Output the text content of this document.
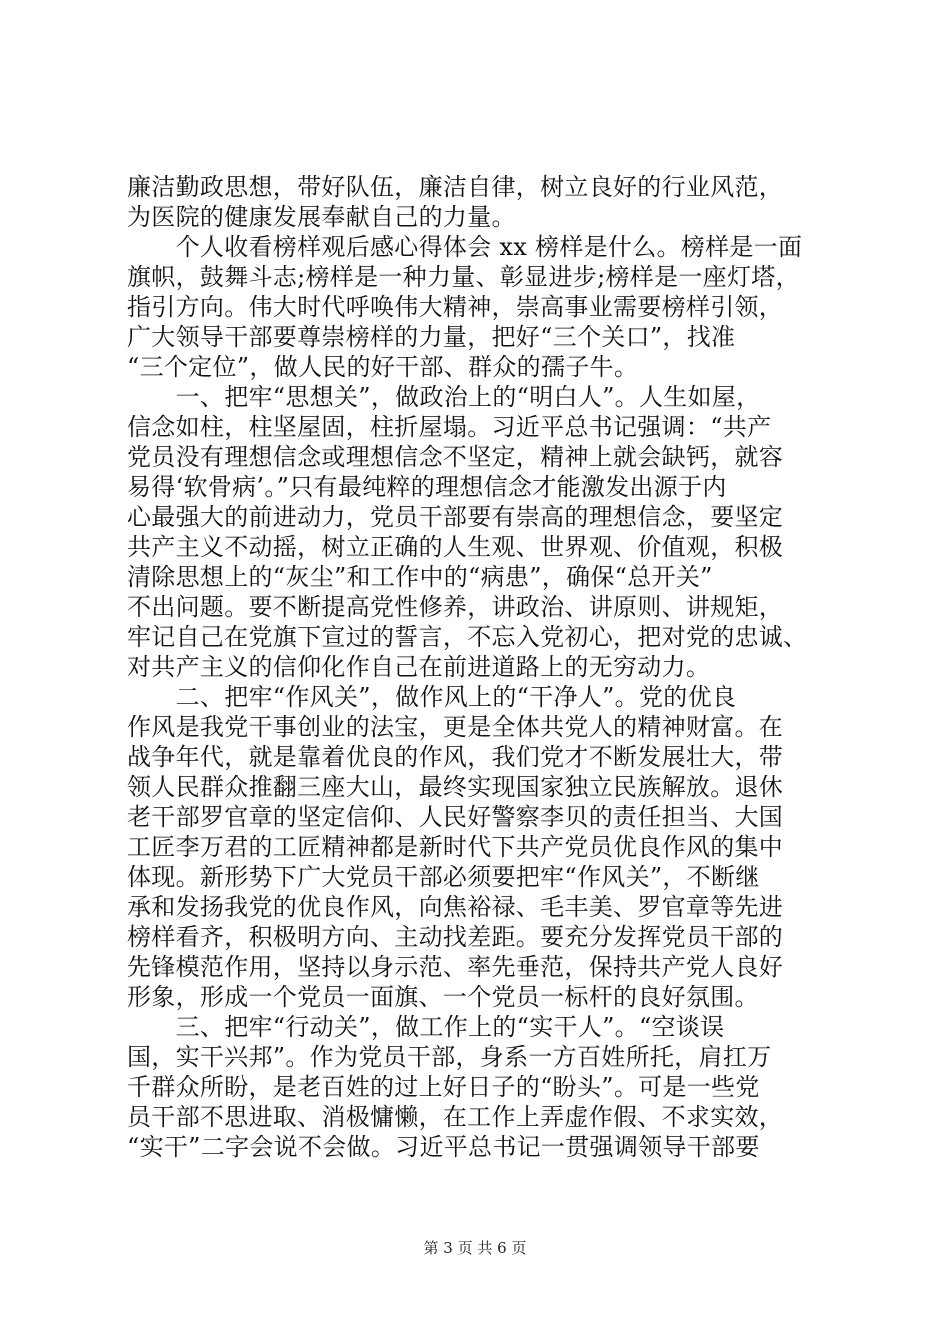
廉洁勤政思想，带好队伍，廉洁自律，树立良好的行业风范，
为医院的健康发展奉献自己的力量。
　　个人收看榜样观后感心得体会 xx 榜样是什么。榜样是一面
旗帜，鼓舞斗志;榜样是一种力量、彰显进步;榜样是一座灯塔，
指引方向。伟大时代呼唤伟大精神，崇高事业需要榜样引领，
广大领导干部要尊崇榜样的力量，把好“三个关口”，找准
“三个定位”，做人民的好干部、群众的孺子牛。
　　一、把牢“思想关”，做政治上的“明白人”。人生如屋，
信念如柱，柱坚屋固，柱折屋塌。习近平总书记强调：“共产
党员没有理想信念或理想信念不坚定，精神上就会缺钙，就容
易得‘软骨病’。”只有最纯粹的理想信念才能激发出源于内
心最强大的前进动力，党员干部要有崇高的理想信念，要坚定
共产主义不动摇，树立正确的人生观、世界观、价值观，积极
清除思想上的“灰尘”和工作中的“病患”，确保“总开关”
不出问题。要不断提高党性修养，讲政治、讲原则、讲规矩，
牢记自己在党旗下宣过的誓言，不忘入党初心，把对党的忠诚、
对共产主义的信仰化作自己在前进道路上的无穷动力。
　　二、把牢“作风关”，做作风上的“干净人”。党的优良
作风是我党干事创业的法宝，更是全体共党人的精神财富。在
战争年代，就是靠着优良的作风，我们党才不断发展壮大，带
领人民群众推翻三座大山，最终实现国家独立民族解放。退休
老干部罗官章的坚定信仰、人民好警察李贝的责任担当、大国
工匠李万君的工匠精神都是新时代下共产党员优良作风的集中
体现。新形势下广大党员干部必须要把牢“作风关”，不断继
承和发扬我党的优良作风，向焦裕禄、毛丰美、罗官章等先进
榜样看齐，积极明方向、主动找差距。要充分发挥党员干部的
先锋模范作用，坚持以身示范、率先垂范，保持共产党人良好
形象，形成一个党员一面旗、一个党员一标杆的良好氛围。
　　三、把牢“行动关”，做工作上的“实干人”。“空谈误
国，实干兴邦”。作为党员干部，身系一方百姓所托，肩扛万
千群众所盼，是老百姓的过上好日子的“盼头”。可是一些党
员干部不思进取、消极慵懒，在工作上弄虚作假、不求实效，
“实干”二字会说不会做。习近平总书记一贯强调领导干部要
第 3 页 共 6 页
